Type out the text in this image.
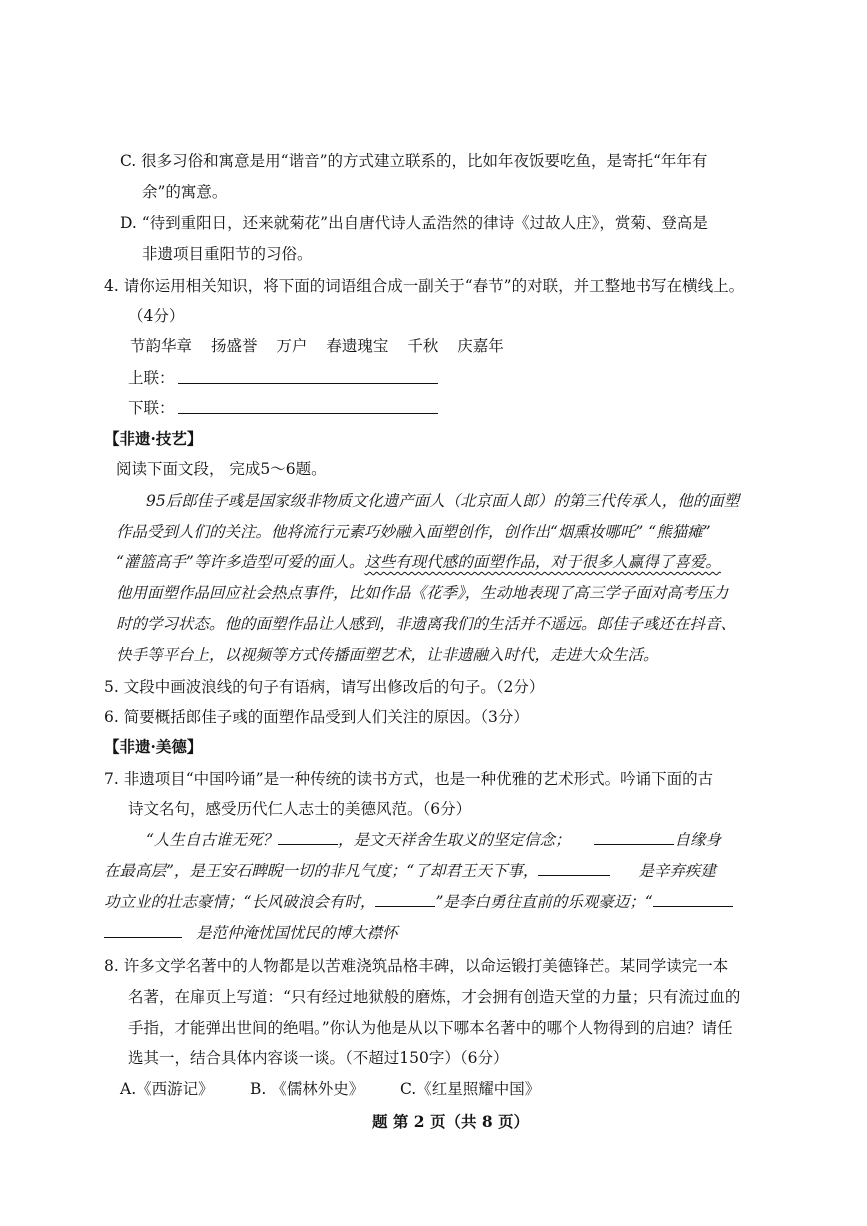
C. 很多习俗和寓意是用“谐音”的方式建立联系的，比如年夜饭要吃鱼，是寄托“年年有
余”的寓意。
D. “待到重阳日，还来就菊花”出自唐代诗人孟浩然的律诗《过故人庄》，赏菊、登高是
非遗项目重阳节的习俗。
4. 请你运用相关知识，将下面的词语组合成一副关于“春节”的对联，并工整地书写在横线上。
（4分）
节韵华章 扬盛誉 万户 春遗瑰宝 千秋 庆嘉年
上联：
下联：
【非遗·技艺】
阅读下面文段， 完成5～6题。
95后郎佳子彧是国家级非物质文化遗产面人（北京面人郎）的第三代传承人，他的面塑
作品受到人们的关注。他将流行元素巧妙融入面塑创作，创作出“烟熏妆哪吒” “熊猫瘫”
“灌篮高手”等许多造型可爱的面人。这些有现代感的面塑作品，对于很多人赢得了喜爱。
他用面塑作品回应社会热点事件，比如作品《花季》，生动地表现了高三学子面对高考压力
时的学习状态。他的面塑作品让人感到，非遗离我们的生活并不遥远。郎佳子彧还在抖音、
快手等平台上，以视频等方式传播面塑艺术，让非遗融入时代，走进大众生活。
5. 文段中画波浪线的句子有语病，请写出修改后的句子。（2分）
6. 简要概括郎佳子彧的面塑作品受到人们关注的原因。（3分）
【非遗·美德】
7. 非遗项目“中国吟诵”是一种传统的读书方式，也是一种优雅的艺术形式。吟诵下面的古
诗文名句，感受历代仁人志士的美德风范。（6分）
“人生自古谁无死？	，是文天祥舍生取义的坚定信念；	自缘身
在最高层”，是王安石睥睨一切的非凡气度；“了却君王天下事，	是辛弃疾建
功立业的壮志豪情；“长风破浪会有时，	”是李白勇往直前的乐观豪迈；“
是范仲淹忧国忧民的博大襟怀
8. 许多文学名著中的人物都是以苦难浇筑品格丰碑，以命运锻打美德锋芒。某同学读完一本
名著，在扉页上写道：“只有经过地狱般的磨炼，才会拥有创造天堂的力量；只有流过血的
手指，才能弹出世间的绝唱。”你认为他是从以下哪本名著中的哪个人物得到的启迪？请任
选其一，结合具体内容谈一谈。（不超过150字）（6分）
A.《西游记》 B. 《儒林外史》 C.《红星照耀中国》
题 第 2 页（共 8 页）
